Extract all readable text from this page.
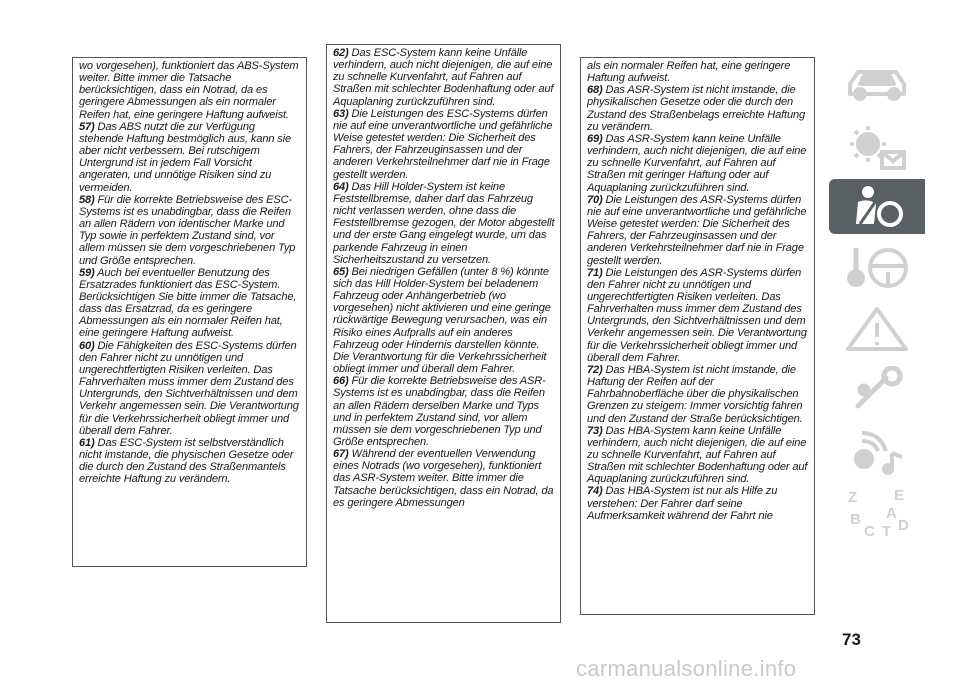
wo vorgesehen), funktioniert das ABS-System weiter. Bitte immer die Tatsache berücksichtigen, dass ein Notrad, da es geringere Abmessungen als ein normaler Reifen hat, eine geringere Haftung aufweist.

57) Das ABS nutzt die zur Verfügung stehende Haftung bestmöglich aus, kann sie aber nicht verbessern. Bei rutschigem Untergrund ist in jedem Fall Vorsicht angeraten, und unnötige Risiken sind zu vermeiden.

58) Für die korrekte Betriebsweise des ESC-Systems ist es unabdingbar, dass die Reifen an allen Rädern von identischer Marke und Typ sowie in perfektem Zustand sind, vor allem müssen sie dem vorgeschriebenen Typ und Größe entsprechen.

59) Auch bei eventueller Benutzung des Ersatzrades funktioniert das ESC-System. Berücksichtigen Sie bitte immer die Tatsache, dass das Ersatzrad, da es geringere Abmessungen als ein normaler Reifen hat, eine geringere Haftung aufweist.

60) Die Fähigkeiten des ESC-Systems dürfen den Fahrer nicht zu unnötigen und ungerechtfertigten Risiken verleiten. Das Fahrverhalten muss immer dem Zustand des Untergrunds, den Sichtverhältnissen und dem Verkehr angemessen sein. Die Verantwortung für die Verkehrssicherheit obliegt immer und überall dem Fahrer.

61) Das ESC-System ist selbstverständlich nicht imstande, die physischen Gesetze oder die durch den Zustand des Straßenmantels erreichte Haftung zu verändern.

62) Das ESC-System kann keine Unfälle verhindern, auch nicht diejenigen, die auf eine zu schnelle Kurvenfahrt, auf Fahren auf Straßen mit schlechter Bodenhaftung oder auf Aquaplaning zurückzuführen sind.

63) Die Leistungen des ESC-Systems dürfen nie auf eine unverantwortliche und gefährliche Weise getestet werden: Die Sicherheit des Fahrers, der Fahrzeuginsassen und der anderen Verkehrsteilnehmer darf nie in Frage gestellt werden.

64) Das Hill Holder-System ist keine Feststellbremse, daher darf das Fahrzeug nicht verlassen werden, ohne dass die Feststellbremse gezogen, der Motor abgestellt und der erste Gang eingelegt wurde, um das parkende Fahrzeug in einen Sicherheitszustand zu versetzen.

65) Bei niedrigen Gefällen (unter 8 %) könnte sich das Hill Holder-System bei beladenem Fahrzeug oder Anhängerbetrieb (wo vorgesehen) nicht aktivieren und eine geringe rückwärtige Bewegung verursachen, was ein Risiko eines Aufpralls auf ein anderes Fahrzeug oder Hindernis darstellen könnte. Die Verantwortung für die Verkehrssicherheit obliegt immer und überall dem Fahrer.

66) Für die korrekte Betriebsweise des ASR-Systems ist es unabdingbar, dass die Reifen an allen Rädern derselben Marke und Typs und in perfektem Zustand sind, vor allem müssen sie dem vorgeschriebenen Typ und Größe entsprechen.

67) Während der eventuellen Verwendung eines Notrads (wo vorgesehen), funktioniert das ASR-System weiter. Bitte immer die Tatsache berücksichtigen, dass ein Notrad, da es geringere Abmessungen

als ein normaler Reifen hat, eine geringere Haftung aufweist.

68) Das ASR-System ist nicht imstande, die physikalischen Gesetze oder die durch den Zustand des Straßenbelags erreichte Haftung zu verändern.

69) Das ASR-System kann keine Unfälle verhindern, auch nicht diejenigen, die auf eine zu schnelle Kurvenfahrt, auf Fahren auf Straßen mit geringer Haftung oder auf Aquaplaning zurückzuführen sind.

70) Die Leistungen des ASR-Systems dürfen nie auf eine unverantwortliche und gefährliche Weise getestet werden: Die Sicherheit des Fahrers, der Fahrzeuginsassen und der anderen Verkehrsteilnehmer darf nie in Frage gestellt werden.

71) Die Leistungen des ASR-Systems dürfen den Fahrer nicht zu unnötigen und ungerechtfertigten Risiken verleiten. Das Fahrverhalten muss immer dem Zustand des Untergrunds, den Sichtverhältnissen und dem Verkehr angemessen sein. Die Verantwortung für die Verkehrssicherheit obliegt immer und überall dem Fahrer.

72) Das HBA-System ist nicht imstande, die Haftung der Reifen auf der Fahrbahnoberfläche über die physikalischen Grenzen zu steigern: Immer vorsichtig fahren und den Zustand der Straße berücksichtigen.

73) Das HBA-System kann keine Unfälle verhindern, auch nicht diejenigen, die auf eine zu schnelle Kurvenfahrt, auf Fahren auf Straßen mit schlechter Bodenhaftung oder auf Aquaplaning zurückzuführen sind.

74) Das HBA-System ist nur als Hilfe zu verstehen: Der Fahrer darf seine Aufmerksamkeit während der Fahrt nie

Z E
B A
C T D
73
carmanualsonline.info
